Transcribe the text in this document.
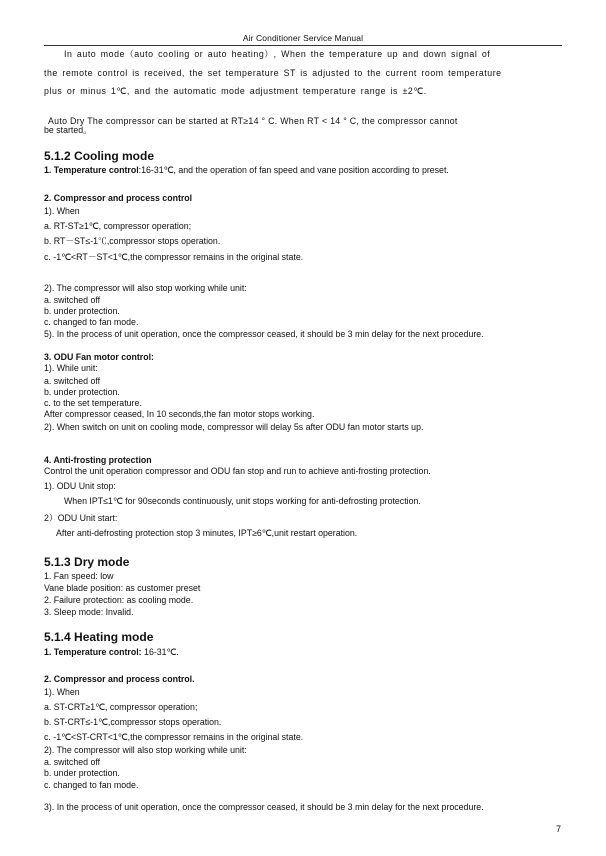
Air Conditioner Service Manual
In auto mode（auto cooling or auto heating）, When the temperature up and down signal of
the remote control is received, the set temperature ST is adjusted to the current room temperature
plus or minus 1℃, and the automatic mode adjustment temperature range is ±2℃.
Auto Dry The compressor can be started at RT≥14 ° C. When RT < 14 ° C, the compressor cannot
be started。
5.1.2 Cooling mode
1. Temperature control:16-31℃, and the operation of fan speed and vane position according to preset.
2. Compressor and process control
1). When
a. RT-ST≥1℃, compressor operation;
b. RT－ST≤-1℃,compressor stops operation.
c. -1℃<RT－ST<1℃,the compressor remains in the original state.
2). The compressor will also stop working while unit:
a. switched off
b. under protection.
c. changed to fan mode.
5). In the process of unit operation, once the compressor ceased, it should be 3 min delay for the next procedure.
3. ODU Fan motor control:
1). While unit:
a. switched off
b. under protection.
c. to the set temperature.
After compressor ceased, In 10 seconds,the fan motor stops working.
2). When switch on unit on cooling mode, compressor will delay 5s after ODU fan motor starts up.
4. Anti-frosting protection
Control the unit operation compressor and ODU fan stop and run to achieve anti-frosting protection.
1). ODU Unit stop:
When IPT≤1℃ for 90seconds continuously, unit stops working for anti-defrosting protection.
2）ODU Unit start:
After anti-defrosting protection stop 3 minutes, IPT≥6℃,unit restart operation.
5.1.3 Dry mode
1. Fan speed: low
Vane blade position: as customer preset
2. Failure protection: as cooling mode.
3. Sleep mode: Invalid.
5.1.4 Heating mode
1. Temperature control: 16-31℃.
2. Compressor and process control.
1). When
a. ST-CRT≥1℃, compressor operation;
b. ST-CRT≤-1℃,compressor stops operation.
c. -1℃<ST-CRT<1℃,the compressor remains in the original state.
2). The compressor will also stop working while unit:
a. switched off
b. under protection.
c. changed to fan mode.
3). In the process of unit operation, once the compressor ceased, it should be 3 min delay for the next procedure.
7
